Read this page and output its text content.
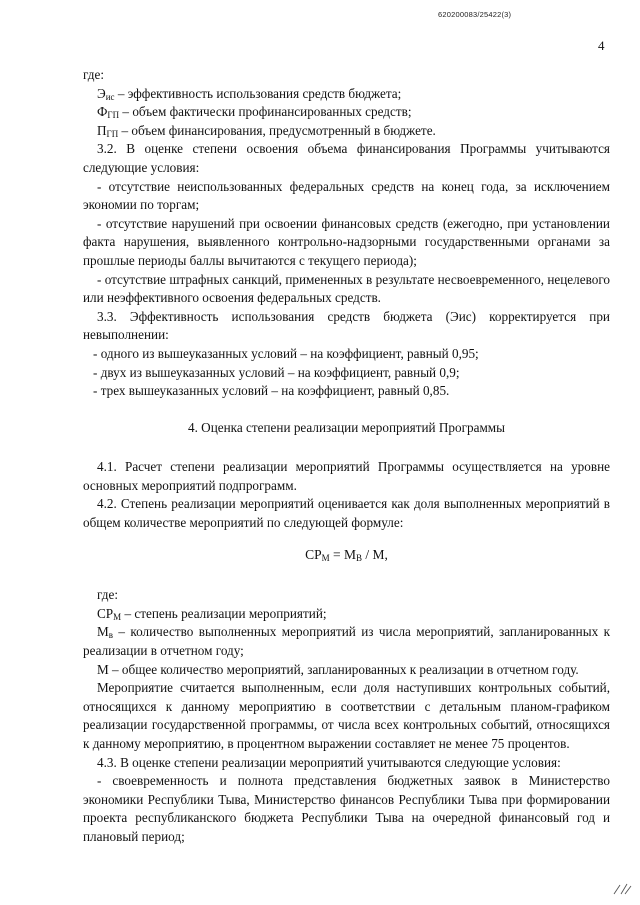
620200083/25422(3)
4

где:

$Э_{ис}$ – эффективность использования средств бюджета;

$Ф_{ГП}$ – объем фактически профинансированных средств;

$П_{ГП}$ – объем финансирования, предусмотренный в бюджете.

3.2. В оценке степени освоения объема финансирования Программы учитываются следующие условия:

- отсутствие неиспользованных федеральных средств на конец года, за исключением экономии по торгам;

- отсутствие нарушений при освоении финансовых средств (ежегодно, при установлении факта нарушения, выявленного контрольно-надзорными государственными органами за прошлые периоды баллы вычитаются с текущего периода);

- отсутствие штрафных санкций, примененных в результате несвоевременного, нецелевого или неэффективного освоения федеральных средств.

3.3. Эффективность использования средств бюджета (Эис) корректируется при невыполнении:

- одного из вышеуказанных условий – на коэффициент, равный 0,95;

- двух из вышеуказанных условий – на коэффициент, равный 0,9;

- трех вышеуказанных условий – на коэффициент, равный 0,85.

4. Оценка степени реализации мероприятий Программы

4.1. Расчет степени реализации мероприятий Программы осуществляется на уровне основных мероприятий подпрограмм.

4.2. Степень реализации мероприятий оценивается как доля выполненных мероприятий в общем количестве мероприятий по следующей формуле:

$СР_М = М_В / М$,

где:

$СР_М$ – степень реализации мероприятий;

$М_в$ – количество выполненных мероприятий из числа мероприятий, запланированных к реализации в отчетном году;

М – общее количество мероприятий, запланированных к реализации в отчетном году.

Мероприятие считается выполненным, если доля наступивших контрольных событий, относящихся к данному мероприятию в соответствии с детальным планом-графиком реализации государственной программы, от числа всех контрольных событий, относящихся к данному мероприятию, в процентном выражении составляет не менее 75 процентов.

4.3. В оценке степени реализации мероприятий учитываются следующие условия:

- своевременность и полнота представления бюджетных заявок в Министерство экономики Республики Тыва, Министерство финансов Республики Тыва при формировании проекта республиканского бюджета Республики Тыва на очередной финансовый год и плановый период;
